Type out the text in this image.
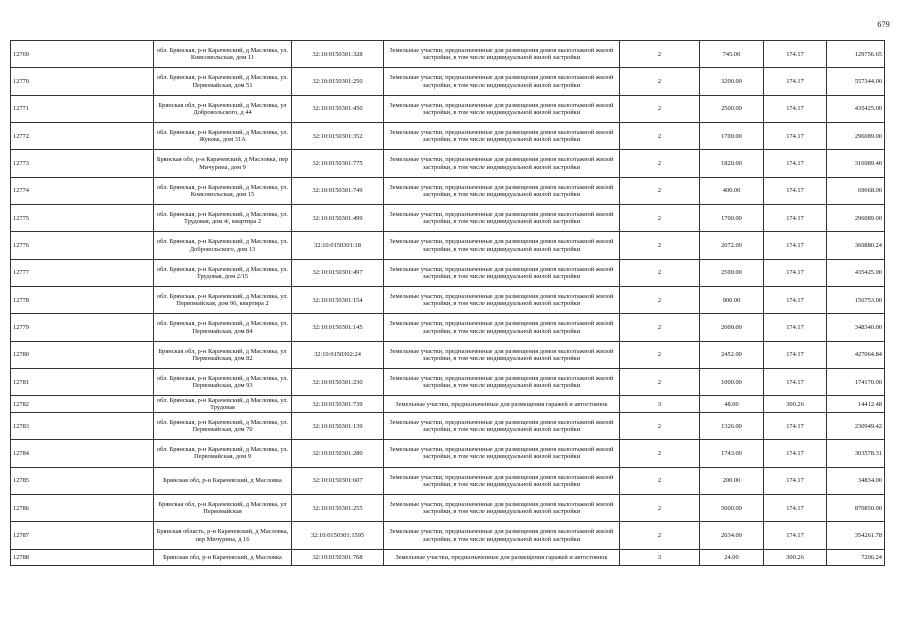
679
12769	обл. Брянская, р-н Карачевский, д Масловка, ул. Комсомольская, дом 11	32:10:0150301:328	Земельные участки, предназначенные для размещения домов малоэтажной жилой застройки, в том числе индивидуальной жилой застройки	2	745.00	174.17	129756.65
12770	обл. Брянская, р-н Карачевский, д Масловка, ул. Первомайская, дом 51	32:10:0150301:250	Земельные участки, предназначенные для размещения домов малоэтажной жилой застройки, в том числе индивидуальной жилой застройки	2	3200.00	174.17	557344.00
12771	Брянская обл, р-н Карачевский, д Масловка, ул Добровольского, д 44	32:10:0150301:450	Земельные участки, предназначенные для размещения домов малоэтажной жилой застройки, в том числе индивидуальной жилой застройки	2	2500.00	174.17	435425.00
12772	обл. Брянская, р-н Карачевский, д Масловка, ул. Жукова, дом 31А	32:10:0150301:352	Земельные участки, предназначенные для размещения домов малоэтажной жилой застройки, в том числе индивидуальной жилой застройки	2	1700.00	174.17	296089.00
12773	Брянская обл, р-н Карачевский, д Масловка, пер Мичурина, дом 9	32:10:0150301:775	Земельные участки, предназначенные для размещения домов малоэтажной жилой застройки, в том числе индивидуальной жилой застройки	2	1820.00	174.17	316989.40
12774	обл. Брянская, р-н Карачевский, д Масловка, ул. Комсомольская, дом 15	32:10:0150301:749	Земельные участки, предназначенные для размещения домов малоэтажной жилой застройки, в том числе индивидуальной жилой застройки	2	400.00	174.17	69668.00
12775	обл. Брянская, р-н Карачевский, д Масловка, ул. Трудовая, дом 4/, квартира 2	32:10:0150301:499	Земельные участки, предназначенные для размещения домов малоэтажной жилой застройки, в том числе индивидуальной жилой застройки	2	1700.00	174.17	296089.00
12776	обл. Брянская, р-н Карачевский, д Масловка, ул. Добровольского, дом 13	32:10:0150301:18	Земельные участки, предназначенные для размещения домов малоэтажной жилой застройки, в том числе индивидуальной жилой застройки	2	2072.00	174.17	360880.24
12777	обл. Брянская, р-н Карачевский, д Масловка, ул. Трудовая, дом 2/15	32:10:0150301:497	Земельные участки, предназначенные для размещения домов малоэтажной жилой застройки, в том числе индивидуальной жилой застройки	2	2500.00	174.17	435425.00
12778	обл. Брянская, р-н Карачевский, д Масловка, ул. Первомайская, дом 96, квартира 2	32:10:0150301:154	Земельные участки, предназначенные для размещения домов малоэтажной жилой застройки, в том числе индивидуальной жилой застройки	2	900.00	174.17	156753.00
12779	обл. Брянская, р-н Карачевский, д Масловка, ул. Первомайская, дом 84	32:10:0150301:145	Земельные участки, предназначенные для размещения домов малоэтажной жилой застройки, в том числе индивидуальной жилой застройки	2	2000.00	174.17	348340.00
12780	Брянская обл, р-н Карачевский, д Масловка, ул Первомайская, дом 82	32:10:0150302:24	Земельные участки, предназначенные для размещения домов малоэтажной жилой застройки, в том числе индивидуальной жилой застройки	2	2452.00	174.17	427064.84
12781	обл. Брянская, р-н Карачевский, д Масловка, ул. Первомайская, дом 93	32:10:0150301:230	Земельные участки, предназначенные для размещения домов малоэтажной жилой застройки, в том числе индивидуальной жилой застройки	2	1000.00	174.17	174170.00
12782	обл. Брянская, р-н Карачевский, д Масловка, ул. Трудовая	32:10:0150301:739	Земельные участки, предназначенные для размещения гаражей и автостоянок	3	48.00	300.26	14412.48
12783	обл. Брянская, р-н Карачевский, д Масловка, ул. Первомайская, дом 70	32:10:0150301:139	Земельные участки, предназначенные для размещения домов малоэтажной жилой застройки, в том числе индивидуальной жилой застройки	2	1326.00	174.17	230949.42
12784	обл. Брянская, р-н Карачевский, д Масловка, ул. Первомайская, дом 9	32:10:0150301:280	Земельные участки, предназначенные для размещения домов малоэтажной жилой застройки, в том числе индивидуальной жилой застройки	2	1743.00	174.17	303578.31
12785	Брянская обл, р-н Карачевский, д Масловка	32:10:0150301:607	Земельные участки, предназначенные для размещения домов малоэтажной жилой застройки, в том числе индивидуальной жилой застройки	2	200.00	174.17	34834.00
12786	Брянская обл, р-н Карачевский, д Масловка, ул Первомайская	32:10:0150301:255	Земельные участки, предназначенные для размещения домов малоэтажной жилой застройки, в том числе индивидуальной жилой застройки	2	5000.00	174.17	870850.00
12787	Брянская область, р-н Карачевский, д Масловка, пер Мичурина, д 16	32:10:0150301:1595	Земельные участки, предназначенные для размещения домов малоэтажной жилой застройки, в том числе индивидуальной жилой застройки	2	2034.00	174.17	354261.78
12788	Брянская обл, р-н Карачевский, д Масловка	32:10:0150301:768	Земельные участки, предназначенные для размещения гаражей и автостоянок	3	24.00	300.26	7206.24
